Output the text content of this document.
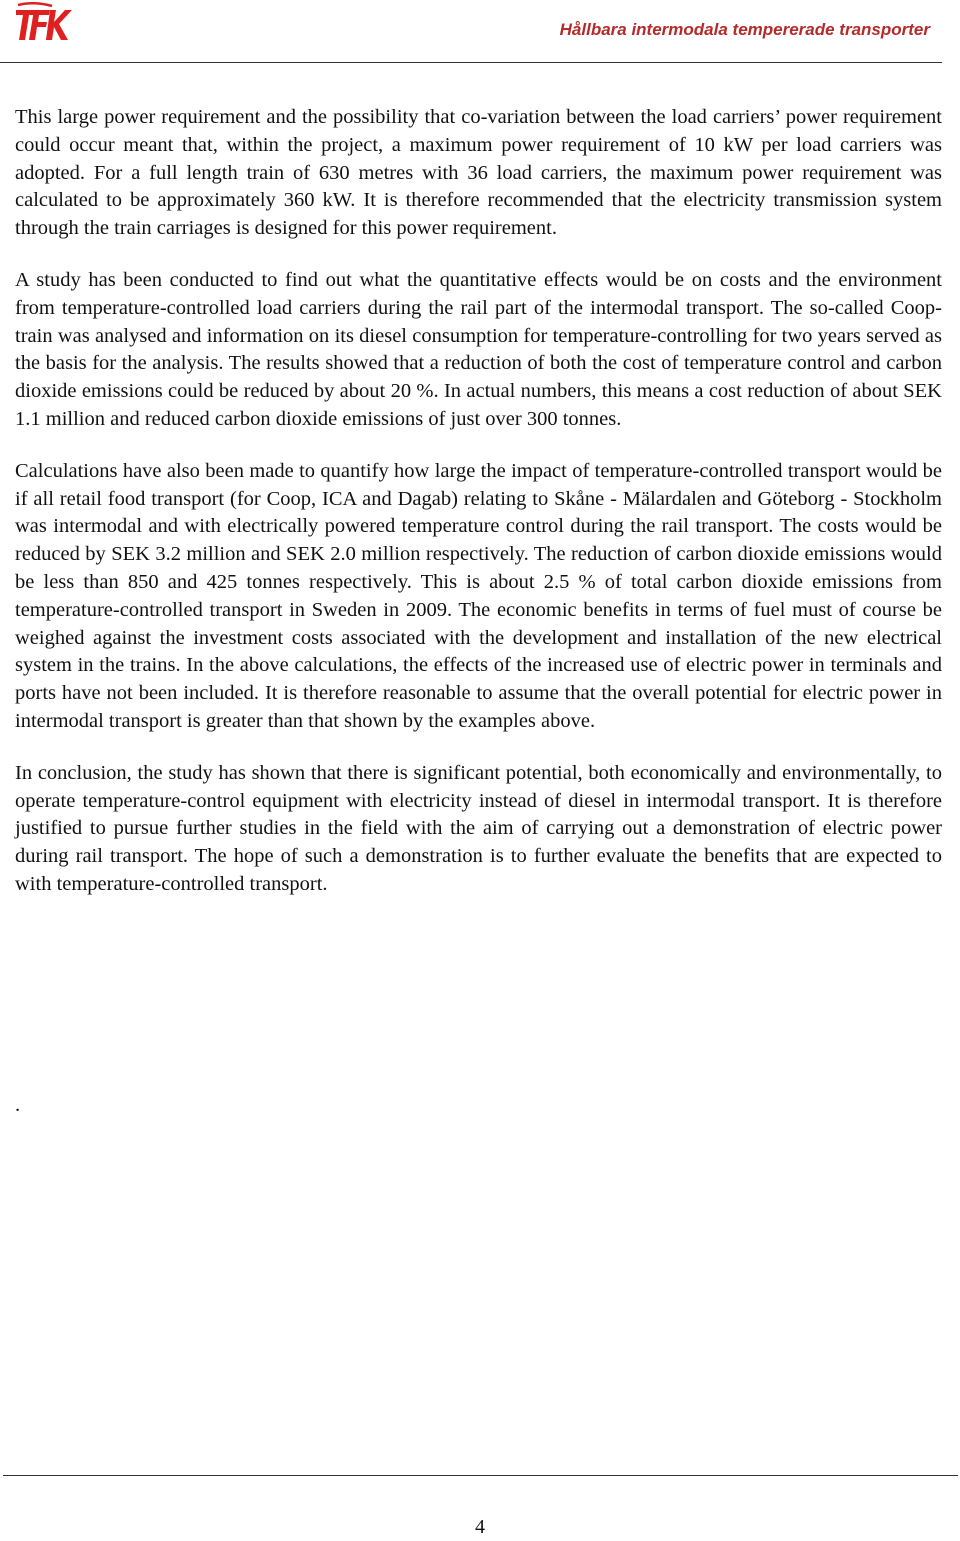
Hållbara intermodala tempererade transporter

This large power requirement and the possibility that co-variation between the load carriers’ power requirement could occur meant that, within the project, a maximum power requirement of 10 kW per load carriers was adopted. For a full length train of 630 metres with 36 load carriers, the maximum power requirement was calculated to be approximately 360 kW. It is therefore recommended that the electricity transmission system through the train carriages is designed for this power requirement.

A study has been conducted to find out what the quantitative effects would be on costs and the environment from temperature-controlled load carriers during the rail part of the intermodal transport. The so-called Coop-train was analysed and information on its diesel consumption for temperature-controlling for two years served as the basis for the analysis. The results showed that a reduction of both the cost of temperature control and carbon dioxide emissions could be reduced by about 20 %. In actual numbers, this means a cost reduction of about SEK 1.1 million and reduced carbon dioxide emissions of just over 300 tonnes.

Calculations have also been made to quantify how large the impact of temperature-controlled transport would be if all retail food transport (for Coop, ICA and Dagab) relating to Skåne - Mälardalen and Göteborg - Stockholm was intermodal and with electrically powered temperature control during the rail transport. The costs would be reduced by SEK 3.2 million and SEK 2.0 million respectively. The reduction of carbon dioxide emissions would be less than 850 and 425 tonnes respectively. This is about 2.5 % of total carbon dioxide emissions from temperature-controlled transport in Sweden in 2009. The economic benefits in terms of fuel must of course be weighed against the investment costs associated with the development and installation of the new electrical system in the trains. In the above calculations, the effects of the increased use of electric power in terminals and ports have not been included. It is therefore reasonable to assume that the overall potential for electric power in intermodal transport is greater than that shown by the examples above.

In conclusion, the study has shown that there is significant potential, both economically and environmentally, to operate temperature-control equipment with electricity instead of diesel in intermodal transport. It is therefore justified to pursue further studies in the field with the aim of carrying out a demonstration of electric power during rail transport. The hope of such a demonstration is to further evaluate the benefits that are expected to with temperature-controlled transport.

.
4
